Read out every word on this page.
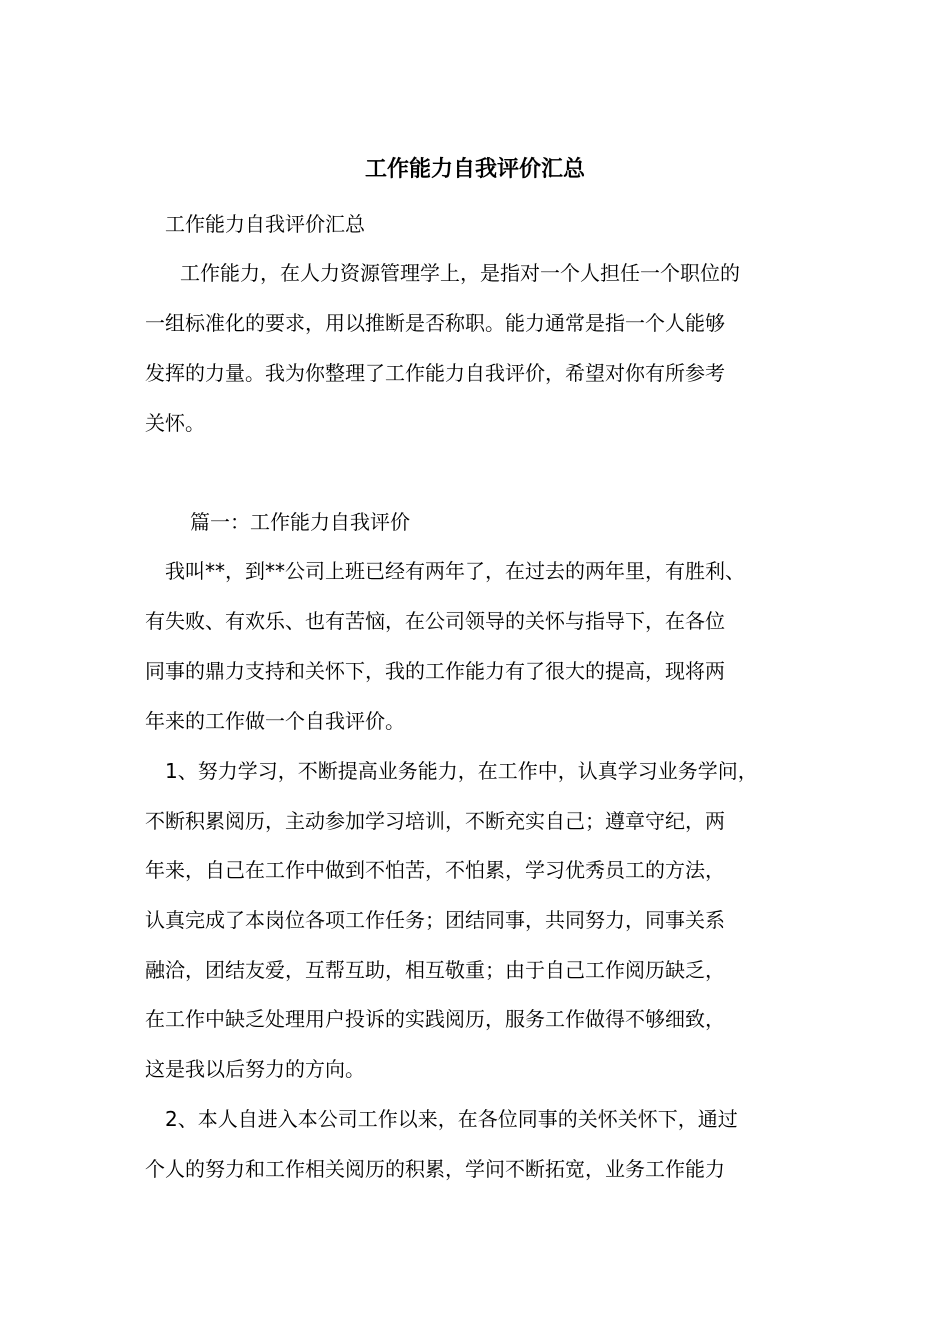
工作能力自我评价汇总
工作能力自我评价汇总
工作能力，在人力资源管理学上，是指对一个人担任一个职位的
一组标准化的要求，用以推断是否称职。能力通常是指一个人能够
发挥的力量。我为你整理了工作能力自我评价，希望对你有所参考
关怀。
篇一：工作能力自我评价
我叫**，到**公司上班已经有两年了，在过去的两年里，有胜利、
有失败、有欢乐、也有苦恼，在公司领导的关怀与指导下，在各位
同事的鼎力支持和关怀下，我的工作能力有了很大的提高，现将两
年来的工作做一个自我评价。
1、努力学习，不断提高业务能力，在工作中，认真学习业务学问，
不断积累阅历，主动参加学习培训，不断充实自己；遵章守纪，两
年来，自己在工作中做到不怕苦，不怕累，学习优秀员工的方法，
认真完成了本岗位各项工作任务；团结同事，共同努力，同事关系
融洽，团结友爱，互帮互助，相互敬重；由于自己工作阅历缺乏，
在工作中缺乏处理用户投诉的实践阅历，服务工作做得不够细致，
这是我以后努力的方向。
2、本人自进入本公司工作以来，在各位同事的关怀关怀下，通过
个人的努力和工作相关阅历的积累，学问不断拓宽，业务工作能力
